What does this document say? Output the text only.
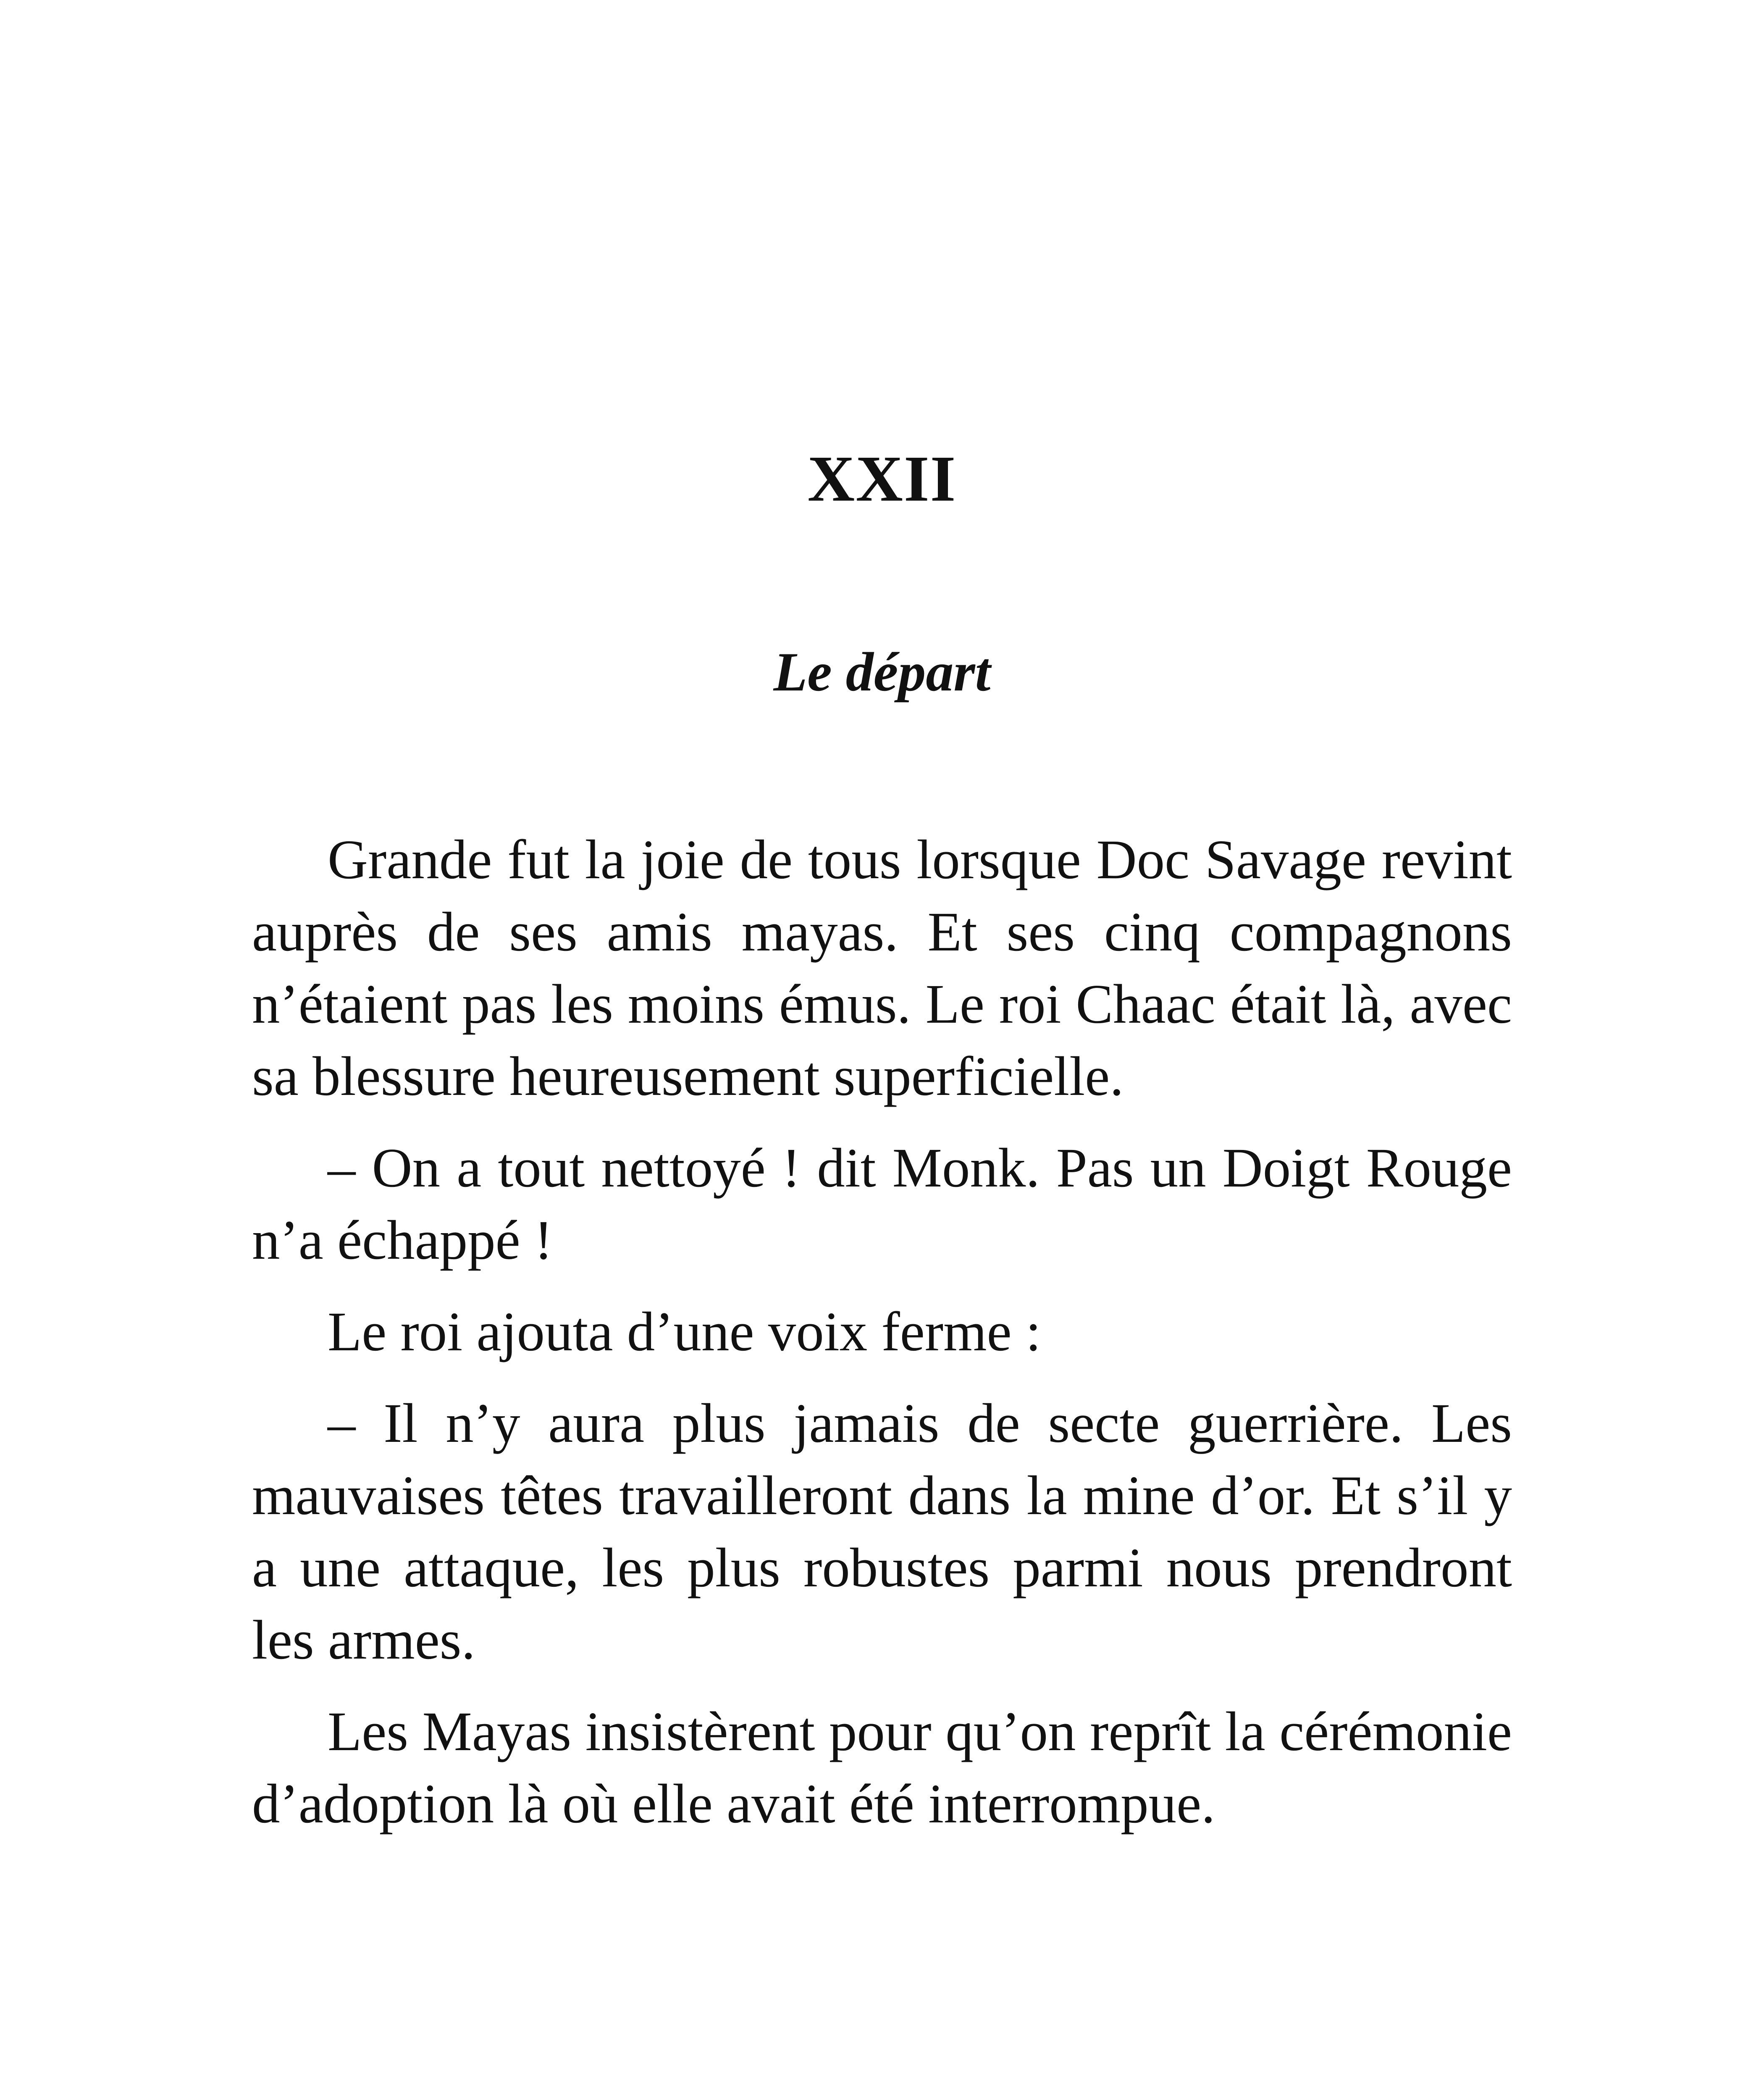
XXII
Le départ

Grande fut la joie de tous lorsque Doc Savage revint auprès de ses amis mayas. Et ses cinq compagnons n’étaient pas les moins émus. Le roi Chaac était là, avec sa blessure heureusement superficielle.

– On a tout nettoyé ! dit Monk. Pas un Doigt Rouge n’a échappé !

Le roi ajouta d’une voix ferme :

– Il n’y aura plus jamais de secte guerrière. Les mauvaises têtes travailleront dans la mine d’or. Et s’il y a une attaque, les plus robustes parmi nous prendront les armes.

Les Mayas insistèrent pour qu’on reprît la cérémonie d’adoption là où elle avait été interrompue.
